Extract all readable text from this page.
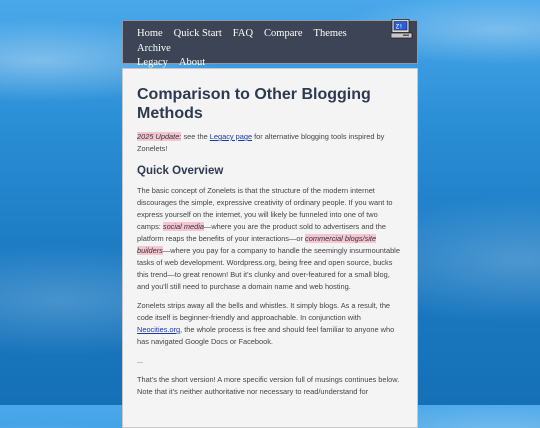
Home Quick Start FAQ Compare ThemesArchive
Legacy About
Z!
Comparison to Other Blogging Methods

2025 Update: see the Legacy page for alternative blogging tools inspired by Zonelets!

Quick Overview

The basic concept of Zonelets is that the structure of the modern internet discourages the simple, expressive creativity of ordinary people. If you want to express yourself on the internet, you will likely be funneled into one of two camps: social media—where you are the product sold to advertisers and the platform reaps the benefits of your interactions—or commercial blogs/site builders—where you pay for a company to handle the seemingly insurmountable tasks of web development. Wordpress.org, being free and open source, bucks this trend—to great renown! But it's clunky and over-featured for a small blog, and you'll still need to purchase a domain name and web hosting.

Zonelets strips away all the bells and whistles. It simply blogs. As a result, the code itself is beginner-friendly and approachable. In conjunction with Neocities.org, the whole process is free and should feel familiar to anyone who has navigated Google Docs or Facebook.

...

That's the short version! A more specific version full of musings continues below. Note that it's neither authoritative nor necessary to read/understand for
